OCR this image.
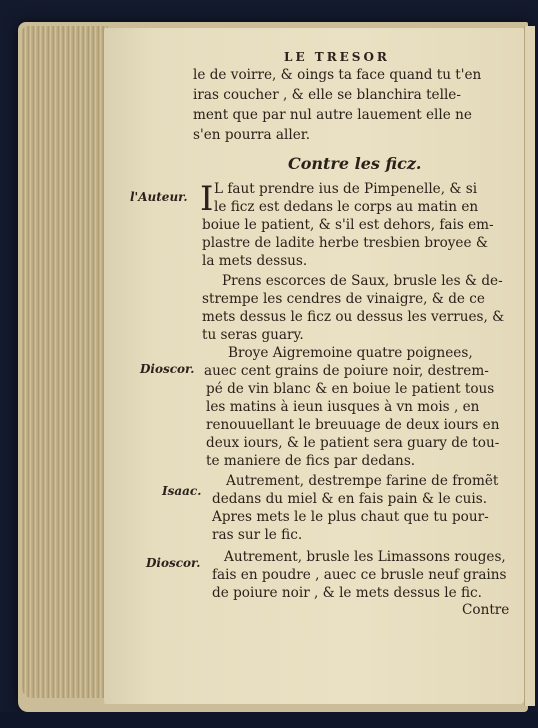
LE TRESOR
le de voirre, & oings ta face quand tu t'en
iras coucher , & elle se blanchira telle-
ment que par nul autre lauement elle ne
s'en pourra aller.
Contre les ficz.
I
l'Auteur.
Dioscor.
Isaac.
Dioscor.
L faut prendre ius de Pimpenelle, & si
le ficz est dedans le corps au matin en
boiue le patient, & s'il est dehors, fais em-
plastre de ladite herbe tresbien broyee &
la mets dessus.
Prens escorces de Saux, brusle les & de-
strempe les cendres de vinaigre, & de ce
mets dessus le ficz ou dessus les verrues, &
tu seras guary.
Broye Aigremoine quatre poignees,
auec cent grains de poiure noir, destrem-
pé de vin blanc & en boiue le patient tous
les matins à ieun iusques à vn mois , en
renouuellant le breuuage de deux iours en
deux iours, & le patient sera guary de tou-
te maniere de fics par dedans.
Autrement, destrempe farine de fromẽt
dedans du miel & en fais pain & le cuis.
Apres mets le le plus chaut que tu pour-
ras sur le fic.
Autrement, brusle les Limassons rouges,
fais en poudre , auec ce brusle neuf grains
de poiure noir , & le mets dessus le fic.
Contre
